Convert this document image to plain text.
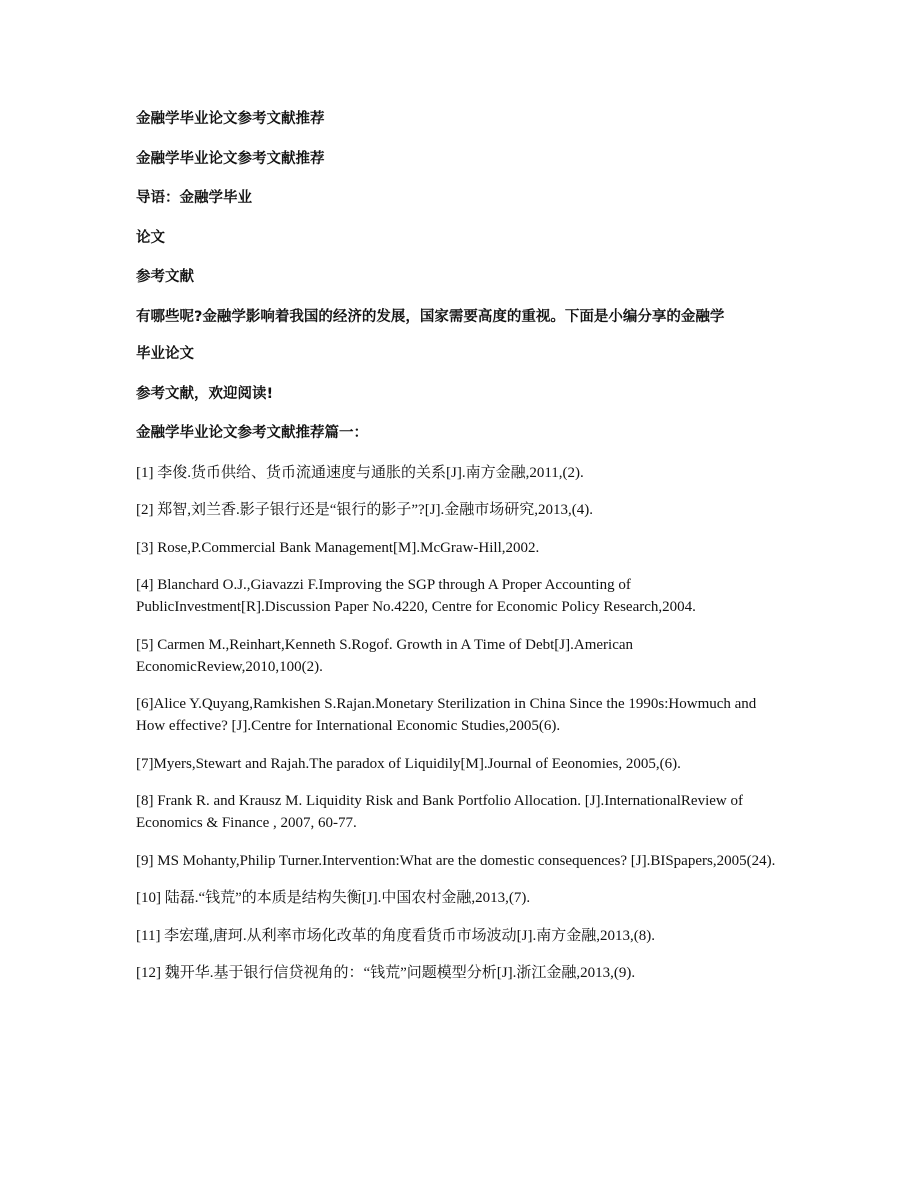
金融学毕业论文参考文献推荐
金融学毕业论文参考文献推荐
导语：金融学毕业
论文
参考文献
有哪些呢?金融学影响着我国的经济的发展，国家需要高度的重视。下面是小编分享的金融学
毕业论文
参考文献，欢迎阅读!
金融学毕业论文参考文献推荐篇一：
[1] 李俊.货币供给、货币流通速度与通胀的关系[J].南方金融,2011,(2).
[2] 郑智,刘兰香.影子银行还是“银行的影子”?[J].金融市场研究,2013,(4).
[3] Rose,P.Commercial Bank Management[M].McGraw-Hill,2002.
[4] Blanchard O.J.,Giavazzi F.Improving the SGP through A Proper Accounting of PublicInvestment[R].Discussion Paper No.4220, Centre for Economic Policy Research,2004.
[5] Carmen M.,Reinhart,Kenneth S.Rogof. Growth in A Time of Debt[J].American EconomicReview,2010,100(2).
[6]Alice Y.Quyang,Ramkishen S.Rajan.Monetary Sterilization in China Since the 1990s:Howmuch and How effective? [J].Centre for International Economic Studies,2005(6).
[7]Myers,Stewart and Rajah.The paradox of Liquidily[M].Journal of Eeonomies, 2005,(6).
[8] Frank R. and Krausz M. Liquidity Risk and Bank Portfolio Allocation. [J].InternationalReview of Economics & Finance , 2007, 60-77.
[9] MS Mohanty,Philip Turner.Intervention:What are the domestic consequences? [J].BISpapers,2005(24).
[10] 陆磊.“钱荒”的本质是结构失衡[J].中国农村金融,2013,(7).
[11] 李宏瑾,唐珂.从利率市场化改革的角度看货币市场波动[J].南方金融,2013,(8).
[12] 魏开华.基于银行信贷视角的：“钱荒”问题模型分析[J].浙江金融,2013,(9).
